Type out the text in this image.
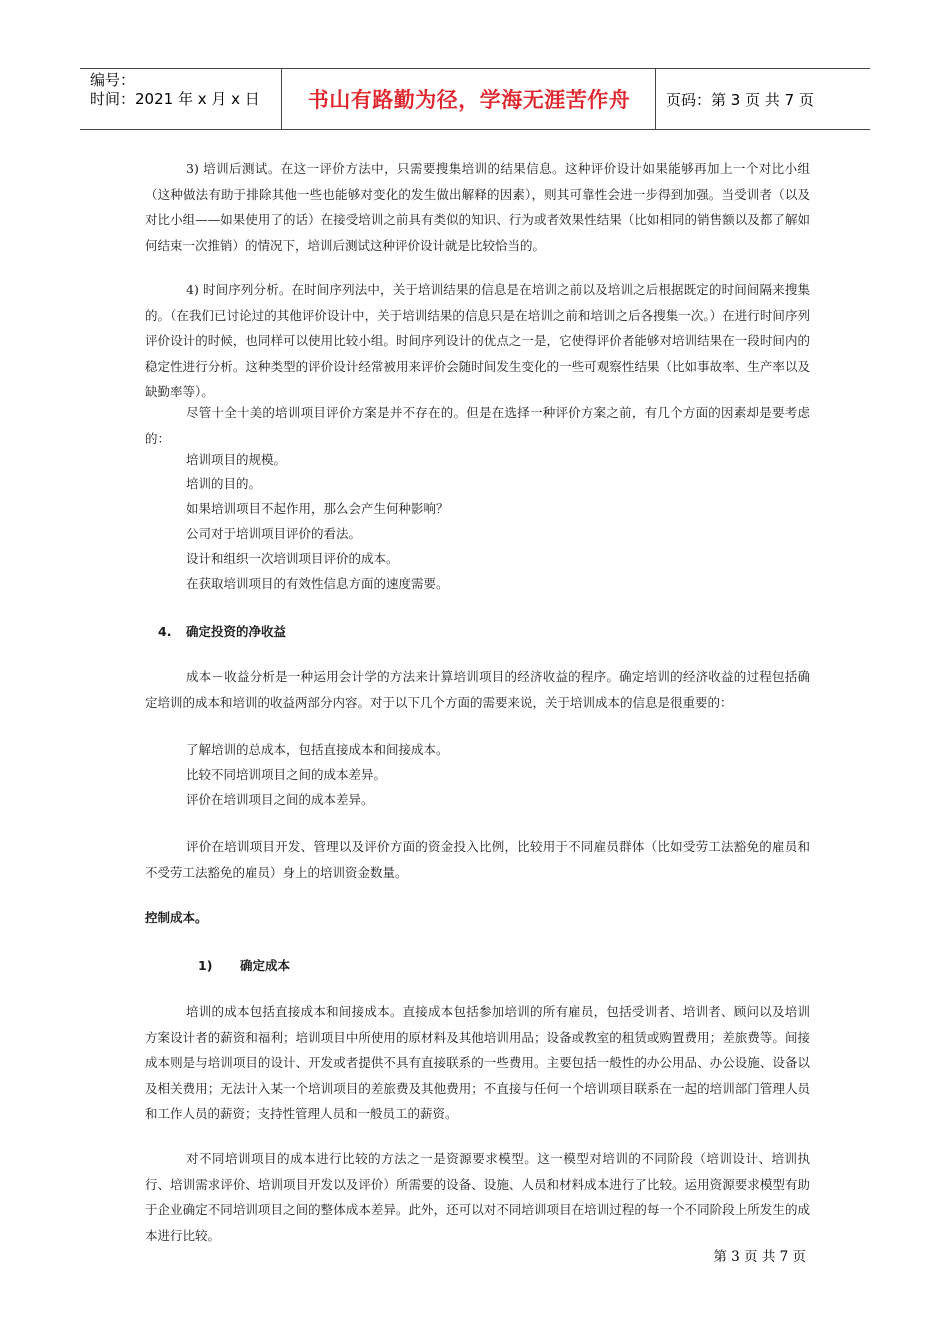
编号：
时间：2021 年 x 月 x 日	书山有路勤为径，学海无涯苦作舟	页码：第 3 页 共 7 页
3) 培训后测试。在这一评价方法中，只需要搜集培训的结果信息。这种评价设计如果能够再加上一个对比小组（这种做法有助于排除其他一些也能够对变化的发生做出解释的因素），则其可靠性会进一步得到加强。当受训者（以及对比小组——如果使用了的话）在接受培训之前具有类似的知识、行为或者效果性结果（比如相同的销售额以及都了解如何结束一次推销）的情况下，培训后测试这种评价设计就是比较恰当的。
4) 时间序列分析。在时间序列法中，关于培训结果的信息是在培训之前以及培训之后根据既定的时间间隔来搜集的。（在我们已讨论过的其他评价设计中，关于培训结果的信息只是在培训之前和培训之后各搜集一次。）在进行时间序列评价设计的时候，也同样可以使用比较小组。时间序列设计的优点之一是，它使得评价者能够对培训结果在一段时间内的稳定性进行分析。这种类型的评价设计经常被用来评价会随时间发生变化的一些可观察性结果（比如事故率、生产率以及缺勤率等）。
尽管十全十美的培训项目评价方案是并不存在的。但是在选择一种评价方案之前，有几个方面的因素却是要考虑的：
培训项目的规模。
培训的目的。
如果培训项目不起作用，那么会产生何种影响？
公司对于培训项目评价的看法。
设计和组织一次培训项目评价的成本。
在获取培训项目的有效性信息方面的速度需要。
4. 确定投资的净收益
成本－收益分析是一种运用会计学的方法来计算培训项目的经济收益的程序。确定培训的经济收益的过程包括确定培训的成本和培训的收益两部分内容。对于以下几个方面的需要来说，关于培训成本的信息是很重要的：
了解培训的总成本，包括直接成本和间接成本。
比较不同培训项目之间的成本差异。
评价在培训项目之间的成本差异。
评价在培训项目开发、管理以及评价方面的资金投入比例，比较用于不同雇员群体（比如受劳工法豁免的雇员和不受劳工法豁免的雇员）身上的培训资金数量。
控制成本。
1) 确定成本
培训的成本包括直接成本和间接成本。直接成本包括参加培训的所有雇员，包括受训者、培训者、顾问以及培训方案设计者的薪资和福利；培训项目中所使用的原材料及其他培训用品；设备或教室的租赁或购置费用；差旅费等。间接成本则是与培训项目的设计、开发或者提供不具有直接联系的一些费用。主要包括一般性的办公用品、办公设施、设备以及相关费用；无法计入某一个培训项目的差旅费及其他费用；不直接与任何一个培训项目联系在一起的培训部门管理人员和工作人员的薪资；支持性管理人员和一般员工的薪资。
对不同培训项目的成本进行比较的方法之一是资源要求模型。这一模型对培训的不同阶段（培训设计、培训执行、培训需求评价、培训项目开发以及评价）所需要的设备、设施、人员和材料成本进行了比较。运用资源要求模型有助于企业确定不同培训项目之间的整体成本差异。此外，还可以对不同培训项目在培训过程的每一个不同阶段上所发生的成本进行比较。
第 3 页 共 7 页
